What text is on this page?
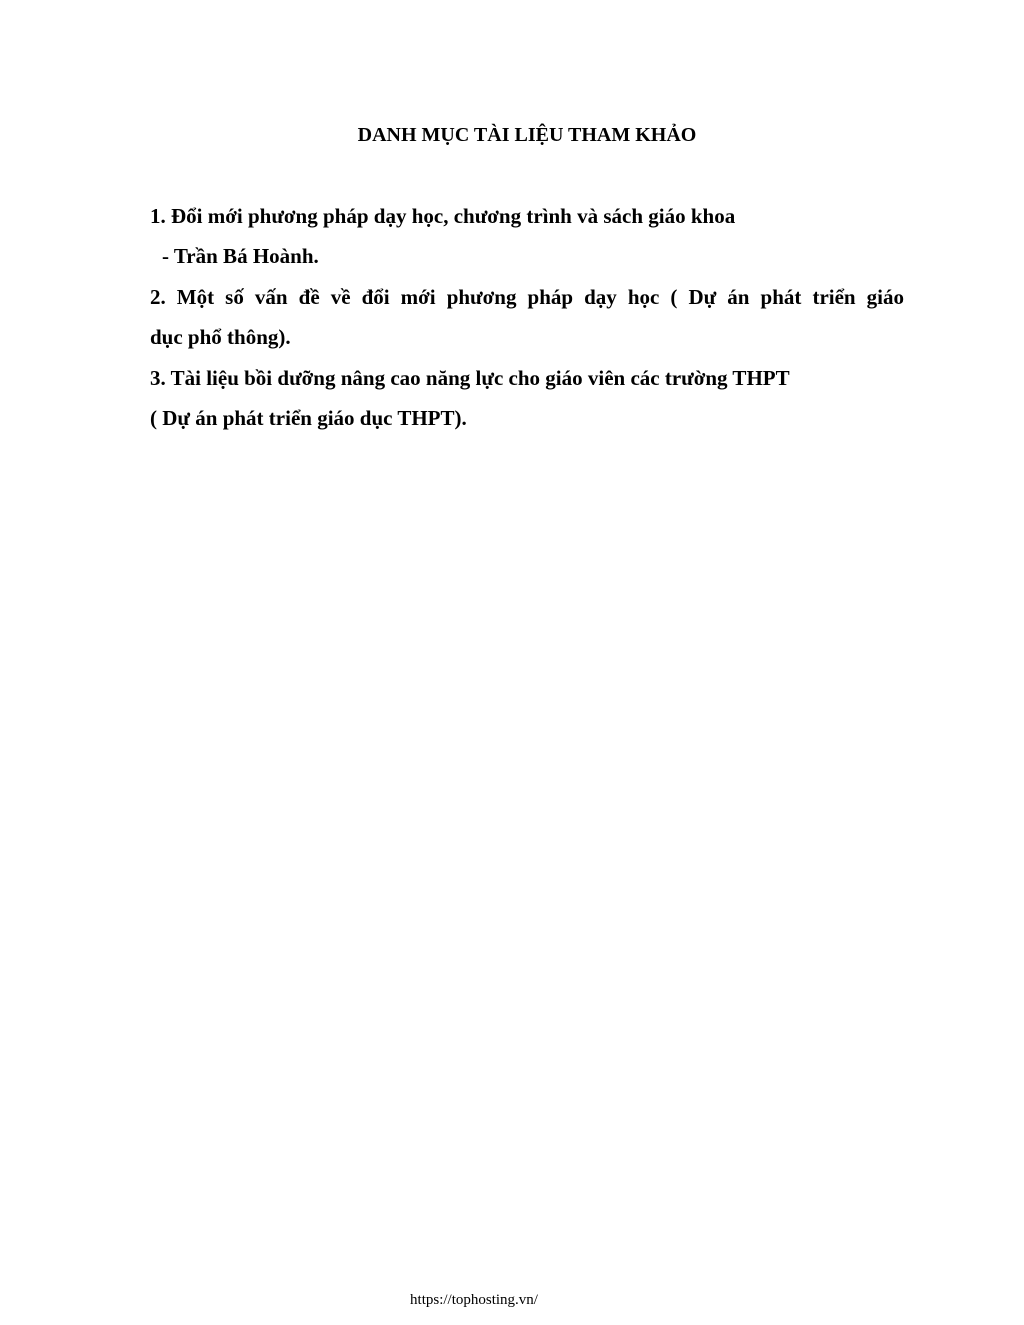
DANH MỤC TÀI LIỆU THAM KHẢO
1. Đổi mới phương pháp dạy học, chương trình và sách giáo khoa
- Trần Bá Hoành.
2. Một số vấn đề về đổi mới phương pháp dạy học ( Dự án phát triển giáo
dục phổ thông).
3. Tài liệu bồi dưỡng nâng cao năng lực cho giáo viên các trường THPT
( Dự án phát triển giáo dục THPT).
https://tophosting.vn/
